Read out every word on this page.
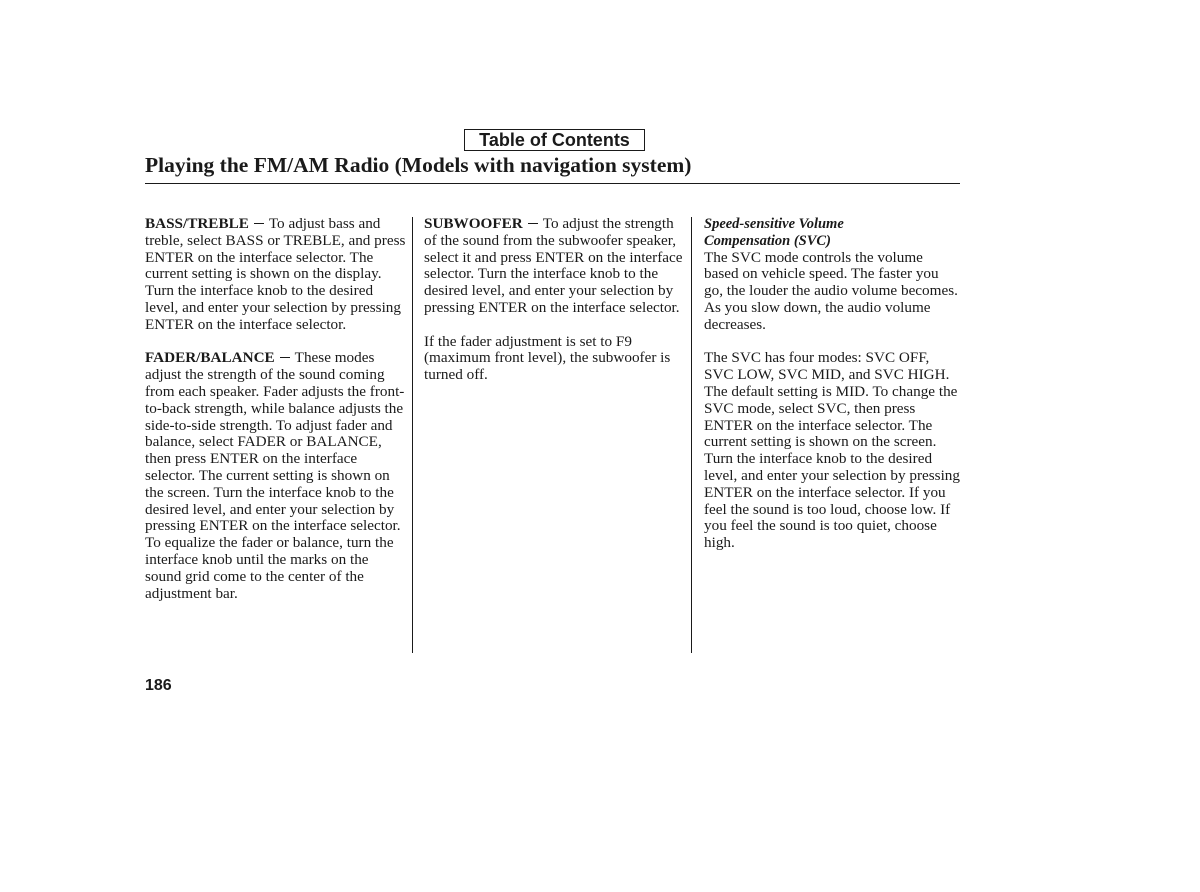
Table of Contents
Playing the FM/AM Radio (Models with navigation system)

BASS/TREBLE To adjust bass and treble, select BASS or TREBLE, and press ENTER on the interface selector. The current setting is shown on the display. Turn the interface knob to the desired level, and enter your selection by pressing ENTER on the interface selector.

FADER/BALANCE These modes adjust the strength of the sound coming from each speaker. Fader adjusts the front-to-back strength, while balance adjusts the side-to-side strength. To adjust fader and balance, select FADER or BALANCE, then press ENTER on the interface selector. The current setting is shown on the screen. Turn the interface knob to the desired level, and enter your selection by pressing ENTER on the interface selector. To equalize the fader or balance, turn the interface knob until the marks on the sound grid come to the center of the adjustment bar.

SUBWOOFER To adjust the strength of the sound from the subwoofer speaker, select it and press ENTER on the interface selector. Turn the interface knob to the desired level, and enter your selection by pressing ENTER on the interface selector.

If the fader adjustment is set to F9 (maximum front level), the subwoofer is turned off.

Speed-sensitive Volume
Compensation (SVC)

The SVC mode controls the volume based on vehicle speed. The faster you go, the louder the audio volume becomes. As you slow down, the audio volume decreases.

The SVC has four modes: SVC OFF, SVC LOW, SVC MID, and SVC HIGH. The default setting is MID. To change the SVC mode, select SVC, then press ENTER on the interface selector. The current setting is shown on the screen. Turn the interface knob to the desired level, and enter your selection by pressing ENTER on the interface selector. If you feel the sound is too loud, choose low. If you feel the sound is too quiet, choose high.

186
